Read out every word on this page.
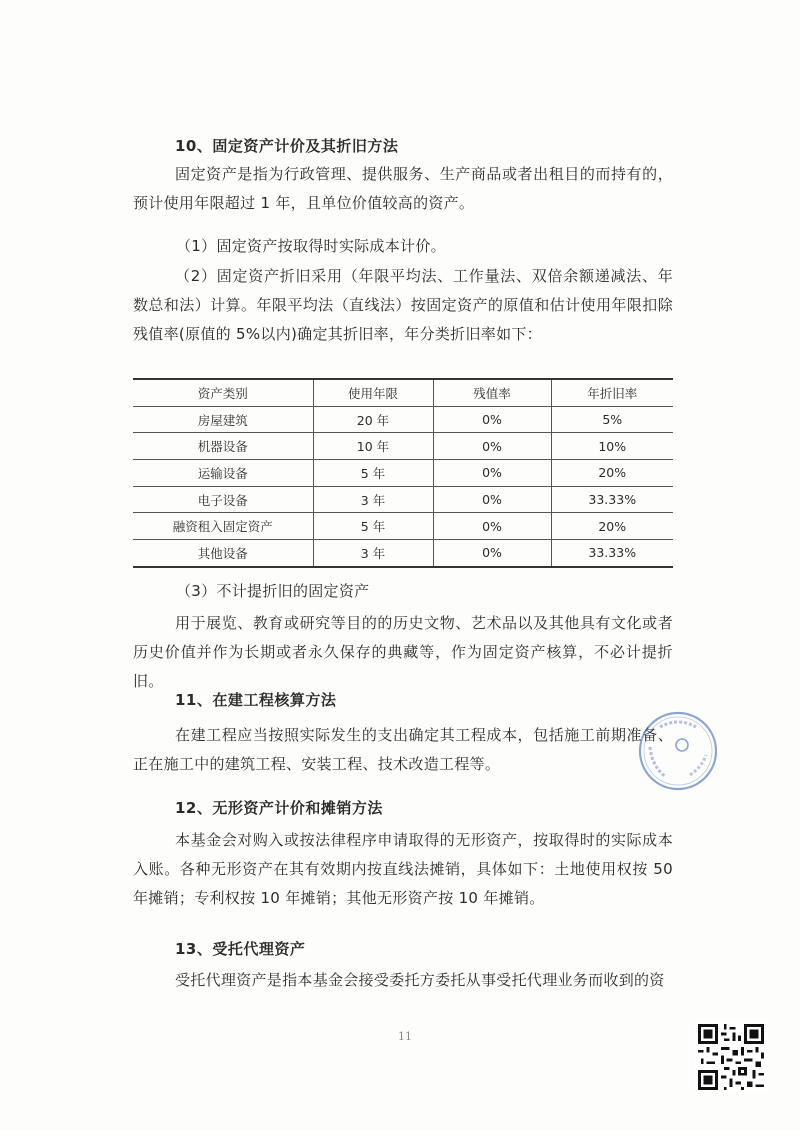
10、固定资产计价及其折旧方法

固定资产是指为行政管理、提供服务、生产商品或者出租目的而持有的，预计使用年限超过 1 年，且单位价值较高的资产。

（1）固定资产按取得时实际成本计价。

（2）固定资产折旧采用（年限平均法、工作量法、双倍余额递减法、年数总和法）计算。年限平均法（直线法）按固定资产的原值和估计使用年限扣除残值率(原值的 5%以内)确定其折旧率，年分类折旧率如下：

资产类别	使用年限	残值率	年折旧率
房屋建筑	20 年	0%	5%
机器设备	10 年	0%	10%
运输设备	5 年	0%	20%
电子设备	3 年	0%	33.33%
融资租入固定资产	5 年	0%	20%
其他设备	3 年	0%	33.33%

（3）不计提折旧的固定资产

用于展览、教育或研究等目的的历史文物、艺术品以及其他具有文化或者历史价值并作为长期或者永久保存的典藏等，作为固定资产核算，不必计提折旧。

11、在建工程核算方法

在建工程应当按照实际发生的支出确定其工程成本，包括施工前期准备、正在施工中的建筑工程、安装工程、技术改造工程等。

12、无形资产计价和摊销方法

本基金会对购入或按法律程序申请取得的无形资产，按取得时的实际成本入账。各种无形资产在其有效期内按直线法摊销，具体如下：土地使用权按 50 年摊销；专利权按 10 年摊销；其他无形资产按 10 年摊销。

13、受托代理资产

受托代理资产是指本基金会接受委托方委托从事受托代理业务而收到的资

11
